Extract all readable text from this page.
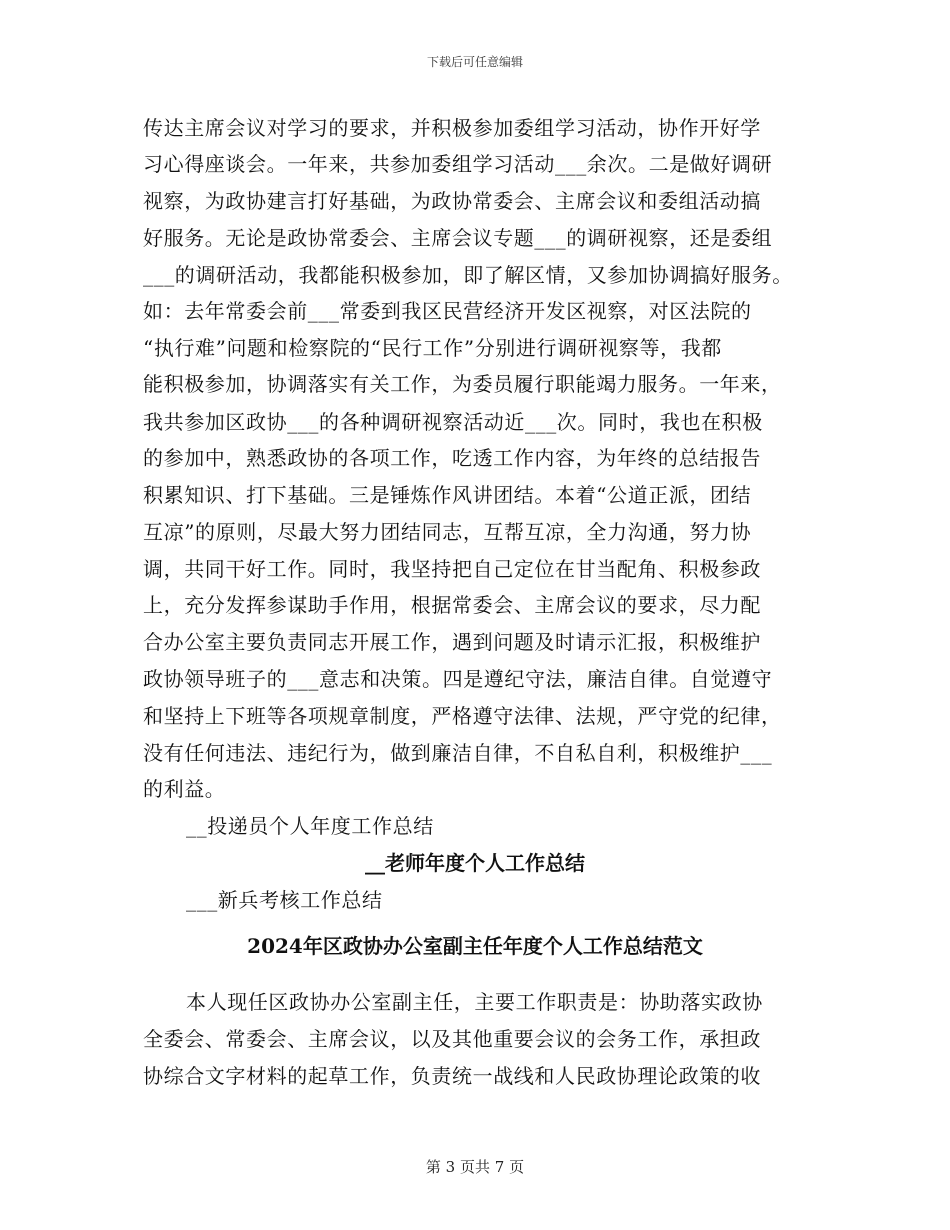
下载后可任意编辑
传达主席会议对学习的要求，并积极参加委组学习活动，协作开好学
习心得座谈会。一年来，共参加委组学习活动___余次。二是做好调研
视察，为政协建言打好基础，为政协常委会、主席会议和委组活动搞
好服务。无论是政协常委会、主席会议专题___的调研视察，还是委组
___的调研活动，我都能积极参加，即了解区情，又参加协调搞好服务。
如：去年常委会前___常委到我区民营经济开发区视察，对区法院的
“执行难”问题和检察院的“民行工作”分别进行调研视察等，我都
能积极参加，协调落实有关工作，为委员履行职能竭力服务。一年来，
我共参加区政协___的各种调研视察活动近___次。同时，我也在积极
的参加中，熟悉政协的各项工作，吃透工作内容，为年终的总结报告
积累知识、打下基础。三是锤炼作风讲团结。本着“公道正派，团结
互凉”的原则，尽最大努力团结同志，互帮互凉，全力沟通，努力协
调，共同干好工作。同时，我坚持把自己定位在甘当配角、积极参政
上，充分发挥参谋助手作用，根据常委会、主席会议的要求，尽力配
合办公室主要负责同志开展工作，遇到问题及时请示汇报，积极维护
政协领导班子的___意志和决策。四是遵纪守法，廉洁自律。自觉遵守
和坚持上下班等各项规章制度，严格遵守法律、法规，严守党的纪律，
没有任何违法、违纪行为，做到廉洁自律，不自私自利，积极维护___
的利益。
__投递员个人年度工作总结
__老师年度个人工作总结
___新兵考核工作总结
2024年区政协办公室副主任年度个人工作总结范文
本人现任区政协办公室副主任，主要工作职责是：协助落实政协
全委会、常委会、主席会议，以及其他重要会议的会务工作，承担政
协综合文字材料的起草工作，负责统一战线和人民政协理论政策的收
第 3 页共 7 页
